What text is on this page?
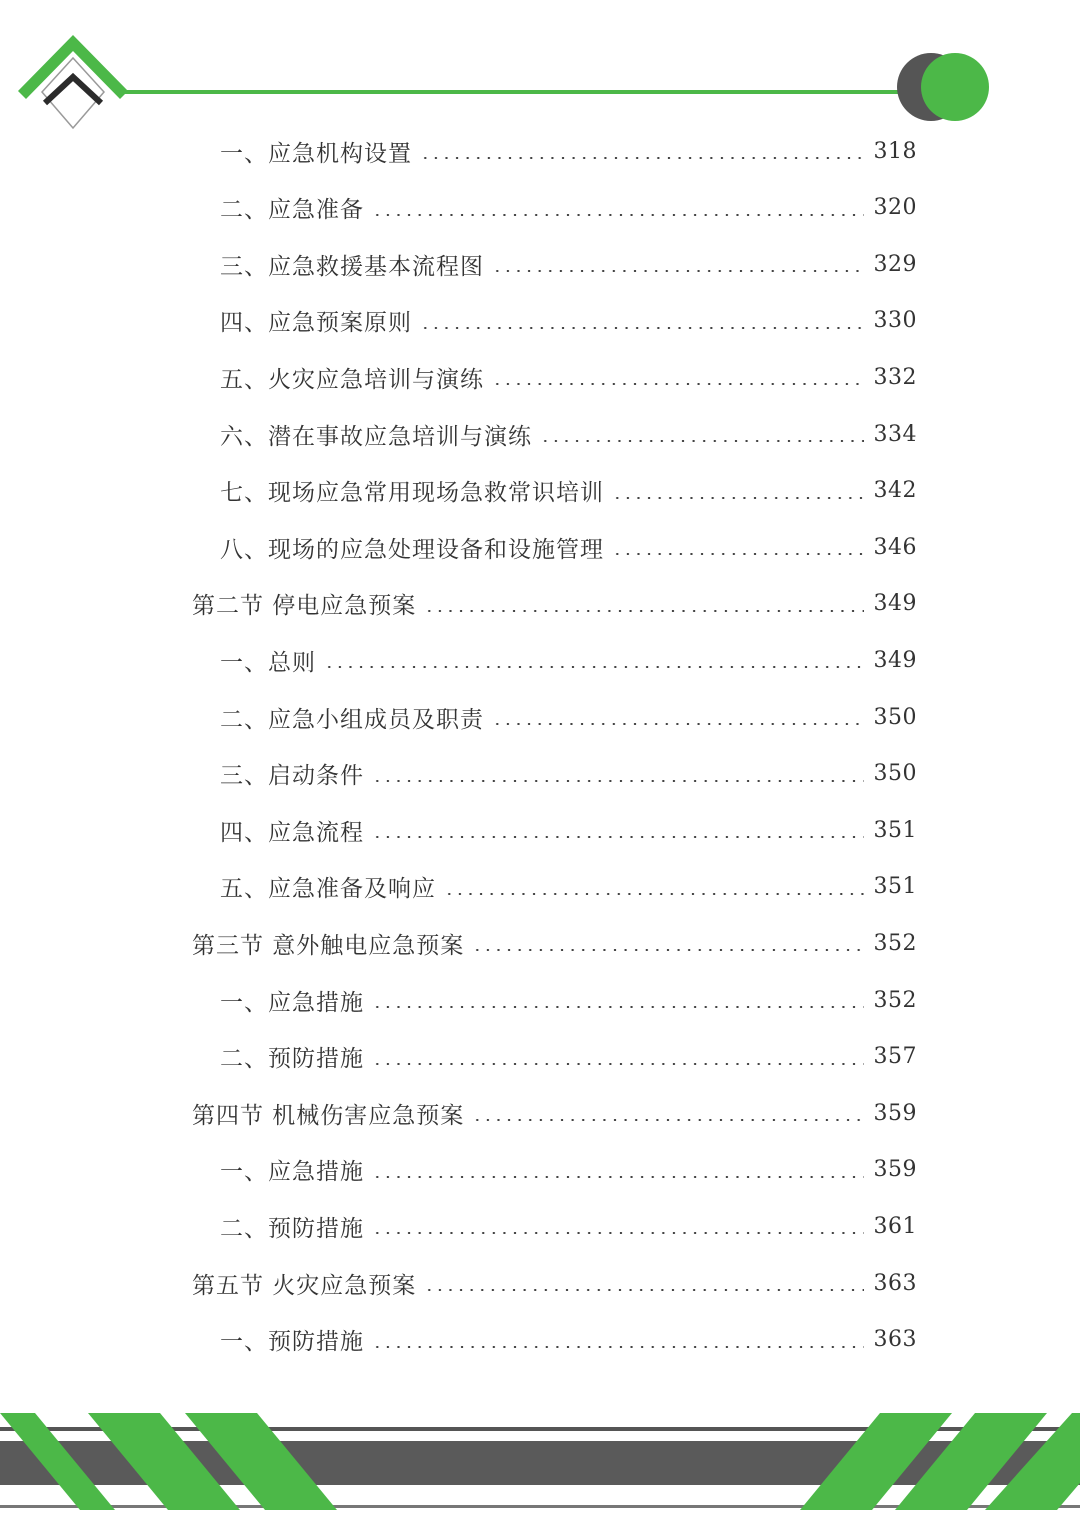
一、应急机构设置	318
二、应急准备	320
三、应急救援基本流程图	329
四、应急预案原则	330
五、火灾应急培训与演练	332
六、潜在事故应急培训与演练	334
七、现场应急常用现场急救常识培训	342
八、现场的应急处理设备和设施管理	346
第二节 停电应急预案	349
一、总则	349
二、应急小组成员及职责	350
三、启动条件	350
四、应急流程	351
五、应急准备及响应	351
第三节 意外触电应急预案	352
一、应急措施	352
二、预防措施	357
第四节 机械伤害应急预案	359
一、应急措施	359
二、预防措施	361
第五节 火灾应急预案	363
一、预防措施	363
